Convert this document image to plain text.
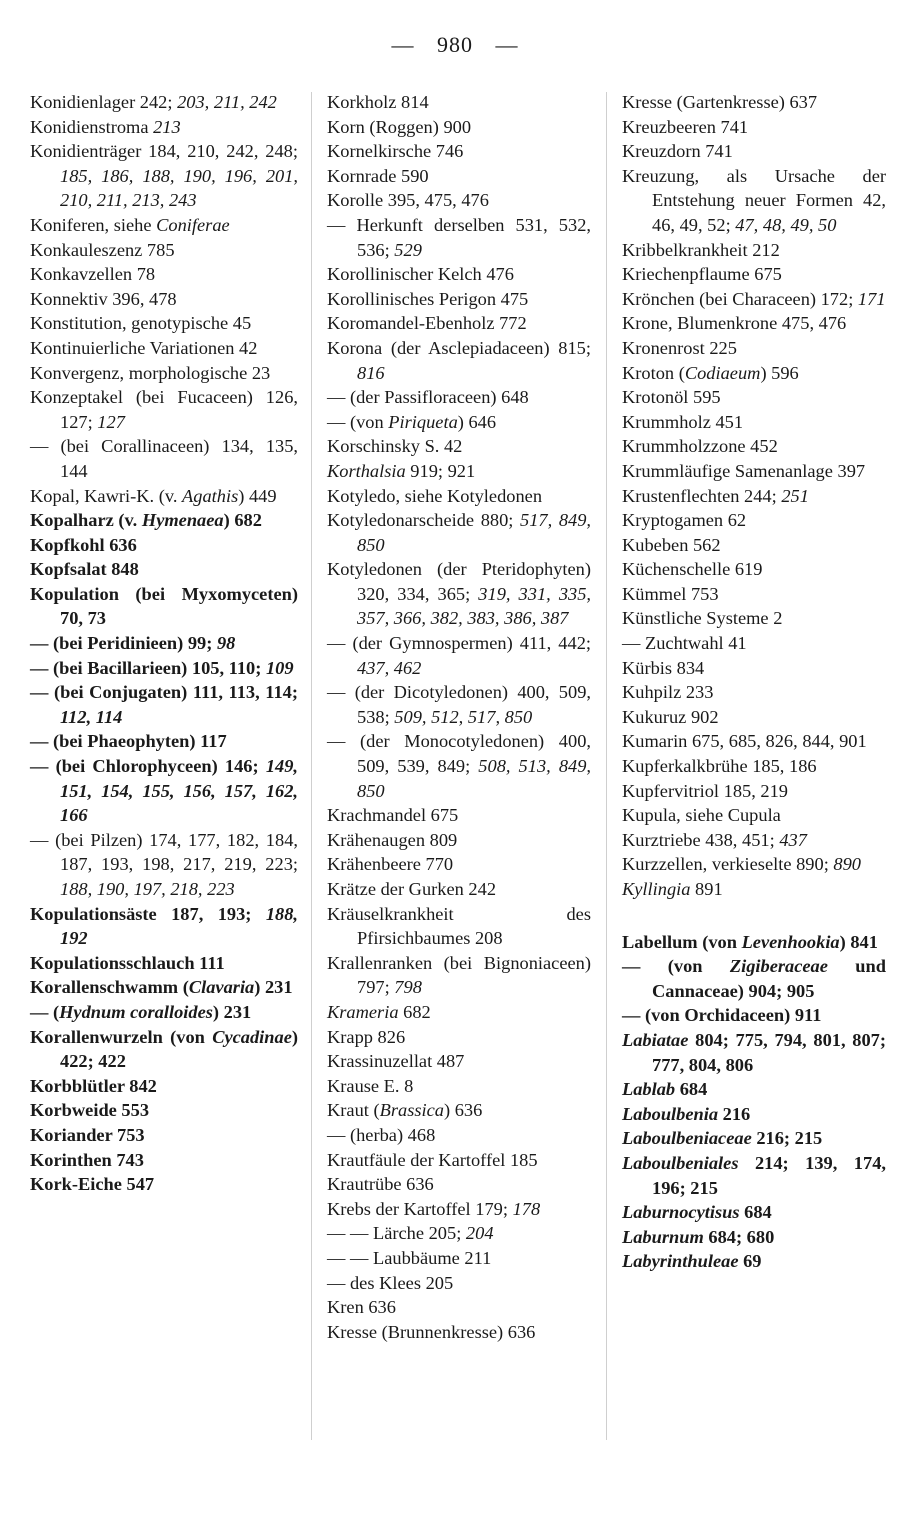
— 980 —
Konidienlager 242; 203, 211, 242
Konidienstroma 213
Konidienträger 184, 210, 242, 248; 185, 186, 188, 190, 196, 201, 210, 211, 213, 243
Koniferen, siehe Coniferae
Konkauleszenz 785
Konkavzellen 78
Konnektiv 396, 478
Konstitution, genotypische 45
Kontinuierliche Variationen 42
Konvergenz, morphologische 23
Konzeptakel (bei Fucaceen) 126, 127; 127
— (bei Corallinaceen) 134, 135, 144
Kopal, Kawri-K. (v. Agathis) 449
Kopalharz (v. Hymenaea) 682
Kopfkohl 636
Kopfsalat 848
Kopulation (bei Myxomyceten) 70, 73
— (bei Peridinieen) 99; 98
— (bei Bacillarieen) 105, 110; 109
— (bei Conjugaten) 111, 113, 114; 112, 114
— (bei Phaeophyten) 117
— (bei Chlorophyceen) 146; 149, 151, 154, 155, 156, 157, 162, 166
— (bei Pilzen) 174, 177, 182, 184, 187, 193, 198, 217, 219, 223; 188, 190, 197, 218, 223
Kopulationsäste 187, 193; 188, 192
Kopulationsschlauch 111
Korallenschwamm (Clavaria) 231
— (Hydnum coralloides) 231
Korallenwurzeln (von Cycadinae) 422; 422
Korbblütler 842
Korbweide 553
Koriander 753
Korinthen 743
Kork-Eiche 547
Korkholz 814
Korn (Roggen) 900
Kornelkirsche 746
Kornrade 590
Korolle 395, 475, 476
— Herkunft derselben 531, 532, 536; 529
Korollinischer Kelch 476
Korollinisches Perigon 475
Koromandel-Ebenholz 772
Korona (der Asclepiadaceen) 815; 816
— (der Passifloraceen) 648
— (von Piriqueta) 646
Korschinsky S. 42
Korthalsia 919; 921
Kotyledo, siehe Kotyledonen
Kotyledonarscheide 880; 517, 849, 850
Kotyledonen (der Pteridophyten) 320, 334, 365; 319, 331, 335, 357, 366, 382, 383, 386, 387
— (der Gymnospermen) 411, 442; 437, 462
— (der Dicotyledonen) 400, 509, 538; 509, 512, 517, 850
— (der Monocotyledonen) 400, 509, 539, 849; 508, 513, 849, 850
Krachmandel 675
Krähenaugen 809
Krähenbeere 770
Krätze der Gurken 242
Kräuselkrankheit des Pfirsichbaumes 208
Krallenranken (bei Bignoniaceen) 797; 798
Krameria 682
Krapp 826
Krassinuzellat 487
Krause E. 8
Kraut (Brassica) 636
— (herba) 468
Krautfäule der Kartoffel 185
Krautrübe 636
Krebs der Kartoffel 179; 178
— — Lärche 205; 204
— — Laubbäume 211
— des Klees 205
Kren 636
Kresse (Brunnenkresse) 636
Kresse (Gartenkresse) 637
Kreuzbeeren 741
Kreuzdorn 741
Kreuzung, als Ursache der Entstehung neuer Formen 42, 46, 49, 52; 47, 48, 49, 50
Kribbelkrankheit 212
Kriechenpflaume 675
Krönchen (bei Characeen) 172; 171
Krone, Blumenkrone 475, 476
Kronenrost 225
Kroton (Codiaeum) 596
Krotonöl 595
Krummholz 451
Krummholzzone 452
Krummläufige Samenanlage 397
Krustenflechten 244; 251
Kryptogamen 62
Kubeben 562
Küchenschelle 619
Kümmel 753
Künstliche Systeme 2
— Zuchtwahl 41
Kürbis 834
Kuhpilz 233
Kukuruz 902
Kumarin 675, 685, 826, 844, 901
Kupferkalkbrühe 185, 186
Kupfervitriol 185, 219
Kupula, siehe Cupula
Kurztriebe 438, 451; 437
Kurzzellen, verkieselte 890; 890
Kyllingia 891
Labellum (von Levenhookia) 841
— (von Zigiberaceae und Cannaceae) 904; 905
— (von Orchidaceen) 911
Labiatae 804; 775, 794, 801, 807; 777, 804, 806
Lablab 684
Laboulbenia 216
Laboulbeniaceae 216; 215
Laboulbeniales 214; 139, 174, 196; 215
Laburnocytisus 684
Laburnum 684; 680
Labyrinthuleae 69
